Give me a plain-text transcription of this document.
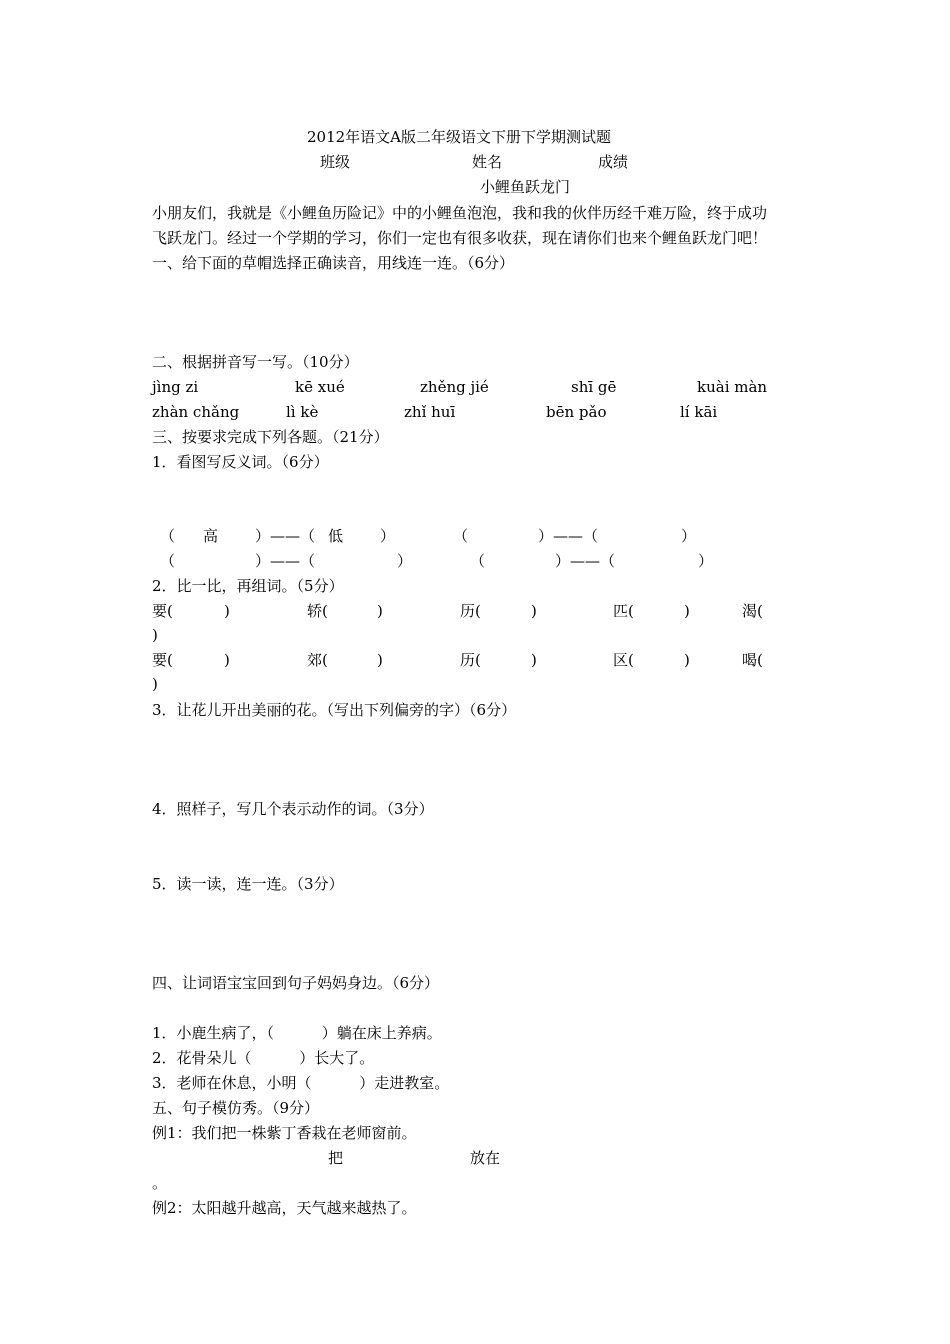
2012年语文A版二年级语文下册下学期测试题
班级	姓名	成绩
小鲤鱼跃龙门
小朋友们，我就是《小鲤鱼历险记》中的小鲤鱼泡泡，我和我的伙伴历经千难万险，终于成功
飞跃龙门。经过一个学期的学习，你们一定也有很多收获，现在请你们也来个鲤鱼跃龙门吧！
一、给下面的草帽选择正确读音，用线连一连。（6分）
二、根据拼音写一写。（10分）
jìng zi	kē xué	zhěng jié	shī gē	kuài màn
zhàn chǎng	lì kè	zhǐ huī	bēn pǎo	lí kāi
三、按要求完成下列各题。（21分）
1．看图写反义词。（6分）
（ 高 ）——（ 低 ）	（	）——（	）
（	）——（	）	（	）——（	）
2．比一比，再组词。（5分）
要(	)	轿(	)	历(	)	匹(	)	渴(
)
要(	)	郊(	)	历(	)	区(	)	喝(
)
3．让花儿开出美丽的花。（写出下列偏旁的字）（6分）
4．照样子，写几个表示动作的词。（3分）
5．读一读，连一连。（3分）
四、让词语宝宝回到句子妈妈身边。（6分）
1．小鹿生病了，（          ）躺在床上养病。
2．花骨朵儿（          ）长大了。
3．老师在休息，小明（          ）走进教室。
五、句子模仿秀。（9分）
例1：我们把一株紫丁香栽在老师窗前。
把	放在
。
例2：太阳越升越高，天气越来越热了。
